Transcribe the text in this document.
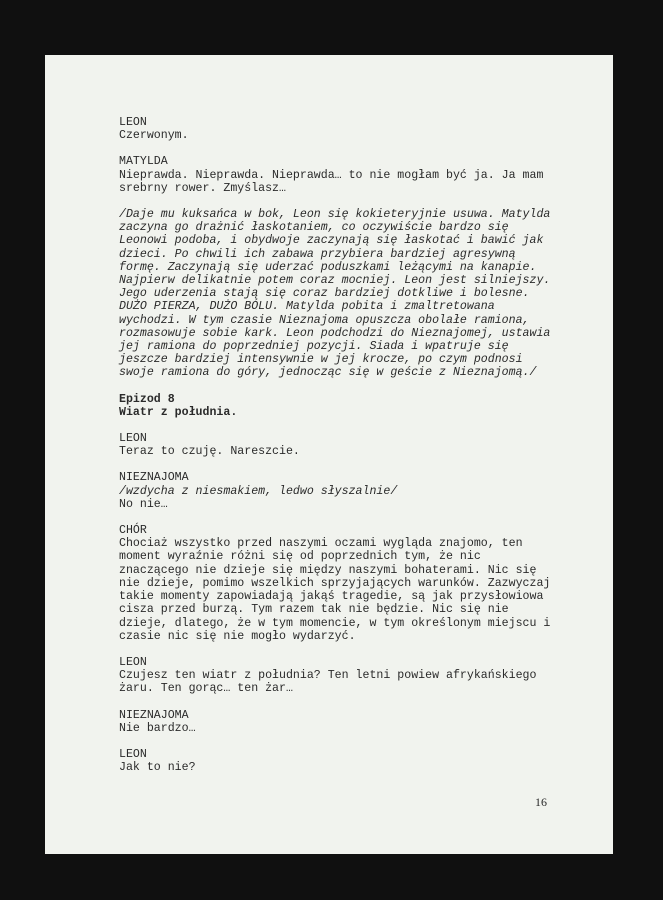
LEON

Czerwonym.

MATYLDA

Nieprawda. Nieprawda. Nieprawda… to nie mogłam być ja. Ja mam
srebrny rower. Zmyślasz…

/Daje mu kuksańca w bok, Leon się kokieteryjnie usuwa. Matylda
zaczyna go drażnić łaskotaniem, co oczywiście bardzo się
Leonowi podoba, i obydwoje zaczynają się łaskotać i bawić jak
dzieci. Po chwili ich zabawa przybiera bardziej agresywną
formę. Zaczynają się uderzać poduszkami leżącymi na kanapie.
Najpierw delikatnie potem coraz mocniej. Leon jest silniejszy.
Jego uderzenia stają się coraz bardziej dotkliwe i bolesne.
DUŻO PIERZA, DUŻO BÓLU. Matylda pobita i zmaltretowana
wychodzi. W tym czasie Nieznajoma opuszcza obolałe ramiona,
rozmasowuje sobie kark. Leon podchodzi do Nieznajomej, ustawia
jej ramiona do poprzedniej pozycji. Siada i wpatruje się
jeszcze bardziej intensywnie w jej krocze, po czym podnosi
swoje ramiona do góry, jednocząc się w geście z Nieznajomą./

Epizod 8

Wiatr z południa.

LEON

Teraz to czuję. Nareszcie.

NIEZNAJOMA

/wzdycha z niesmakiem, ledwo słyszalnie/

No nie…

CHÓR

Chociaż wszystko przed naszymi oczami wygląda znajomo, ten
moment wyraźnie różni się od poprzednich tym, że nic
znaczącego nie dzieje się między naszymi bohaterami. Nic się
nie dzieje, pomimo wszelkich sprzyjających warunków. Zazwyczaj
takie momenty zapowiadają jakąś tragedie, są jak przysłowiowa
cisza przed burzą. Tym razem tak nie będzie. Nic się nie
dzieje, dlatego, że w tym momencie, w tym określonym miejscu i
czasie nic się nie mogło wydarzyć.

LEON

Czujesz ten wiatr z południa? Ten letni powiew afrykańskiego
żaru. Ten gorąc… ten żar…

NIEZNAJOMA

Nie bardzo…

LEON

Jak to nie?

16
